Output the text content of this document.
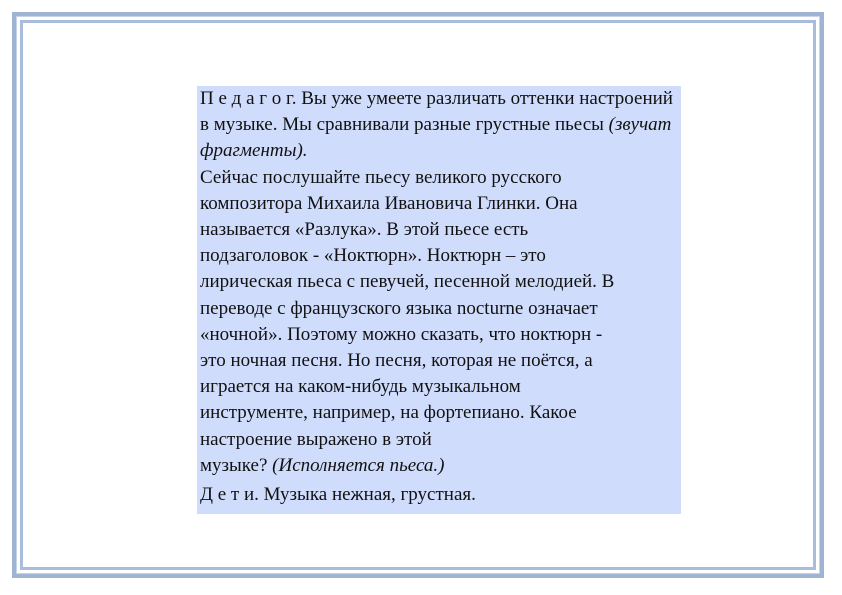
П е д а г о г. Вы уже умеете различать оттенки настроений в музыке. Мы сравнивали разные грустные пьесы (звучат фрагменты).

Сейчас послушайте пьесу великого русского
композитора Михаила Ивановича Глинки. Она
называется «Разлука». В этой пьесе есть
подзаголовок - «Ноктюрн». Ноктюрн – это
лирическая пьеса с певучей, песенной мелодией. В
переводе с французского языка nocturne означает
«ночной». Поэтому можно сказать, что ноктюрн -
это ночная песня. Но песня, которая не поётся, а
играется на каком-нибудь музыкальном
инструменте, например, на фортепиано. Какое
настроение выражено в этой
музыке? (Исполняется пьеса.)

Д е т и. Музыка нежная, грустная.
